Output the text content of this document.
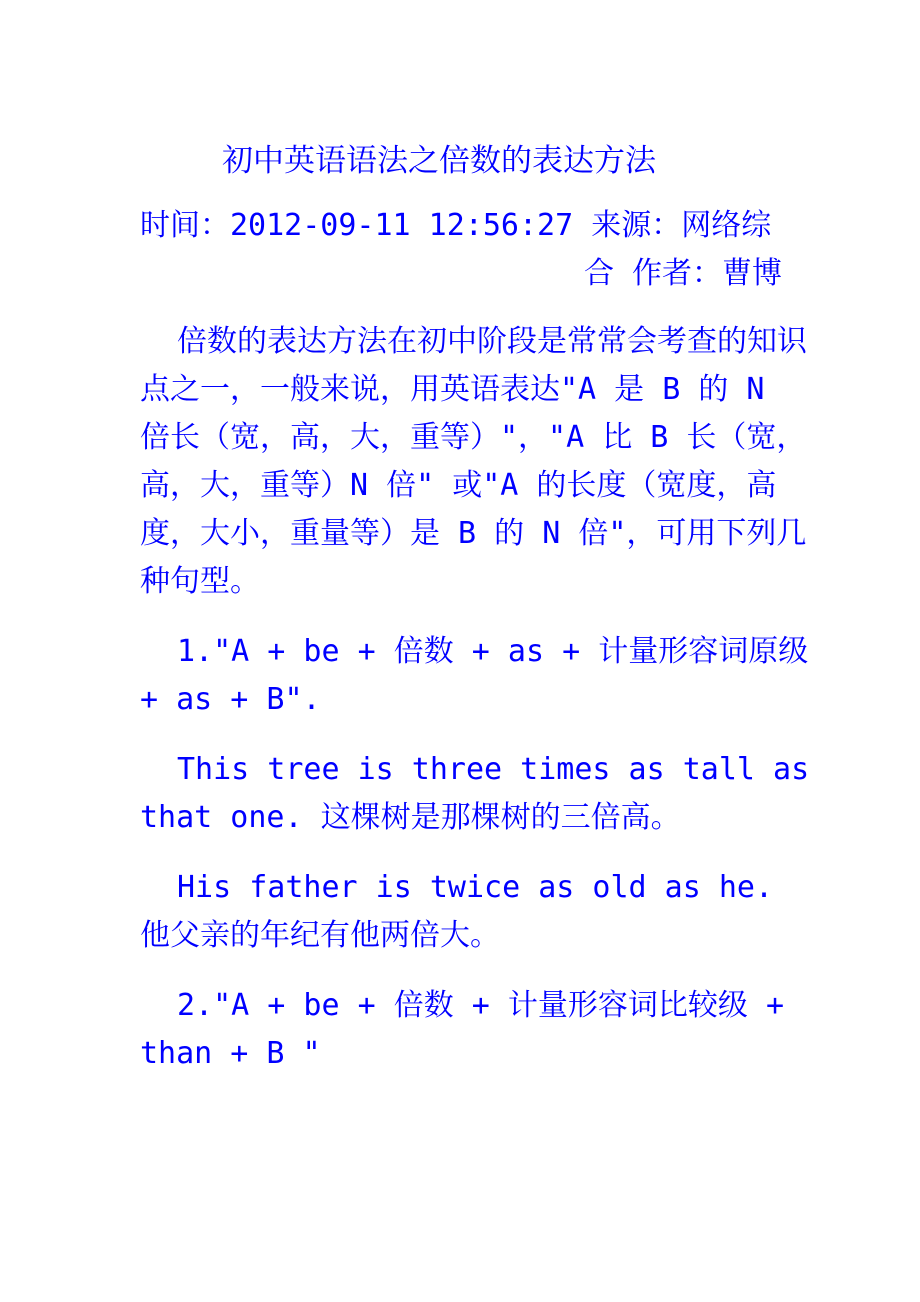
初中英语语法之倍数的表达方法
时间：2012-09-11 12:56:27 来源：网络综
合 作者：曹博

倍数的表达方法在初中阶段是常常会考查的知识点之一，一般来说，用英语表达"A 是 B 的 N 倍长（宽，高，大，重等）"，"A 比 B 长（宽，高，大，重等）N 倍" 或"A 的长度（宽度，高度，大小，重量等）是 B 的 N 倍"，可用下列几种句型。

1."A + be + 倍数 + as + 计量形容词原级 + as + B".

This tree is three times as tall as that one. 这棵树是那棵树的三倍高。

His father is twice as old as he. 他父亲的年纪有他两倍大。

2."A + be + 倍数 + 计量形容词比较级 + than + B "
